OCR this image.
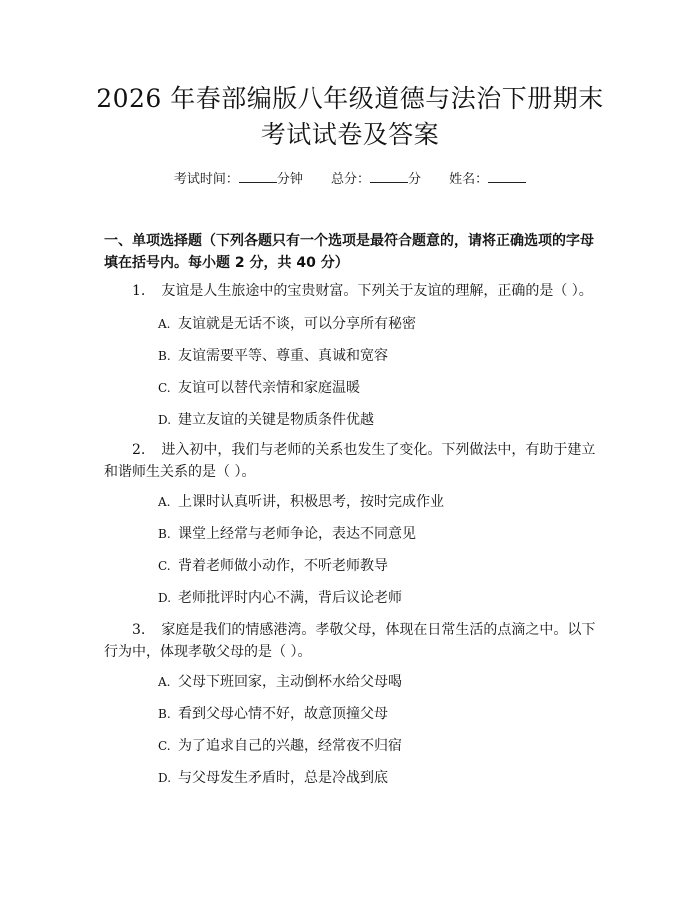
2026 年春部编版八年级道德与法治下册期末
考试试卷及答案
考试时间：	分钟 总分：	分 姓名：
一、单项选择题（下列各题只有一个选项是最符合题意的，请将正确选项的字母填在括号内。每小题 2 分，共 40 分）

1. 友谊是人生旅途中的宝贵财富。下列关于友谊的理解，正确的是（ ）。

A. 友谊就是无话不谈，可以分享所有秘密
B. 友谊需要平等、尊重、真诚和宽容
C. 友谊可以替代亲情和家庭温暖
D. 建立友谊的关键是物质条件优越

2. 进入初中，我们与老师的关系也发生了变化。下列做法中，有助于建立和谐师生关系的是（ ）。

A. 上课时认真听讲，积极思考，按时完成作业
B. 课堂上经常与老师争论，表达不同意见
C. 背着老师做小动作，不听老师教导
D. 老师批评时内心不满，背后议论老师

3. 家庭是我们的情感港湾。孝敬父母，体现在日常生活的点滴之中。以下行为中，体现孝敬父母的是（ ）。

A. 父母下班回家，主动倒杯水给父母喝
B. 看到父母心情不好，故意顶撞父母
C. 为了追求自己的兴趣，经常夜不归宿
D. 与父母发生矛盾时，总是冷战到底
